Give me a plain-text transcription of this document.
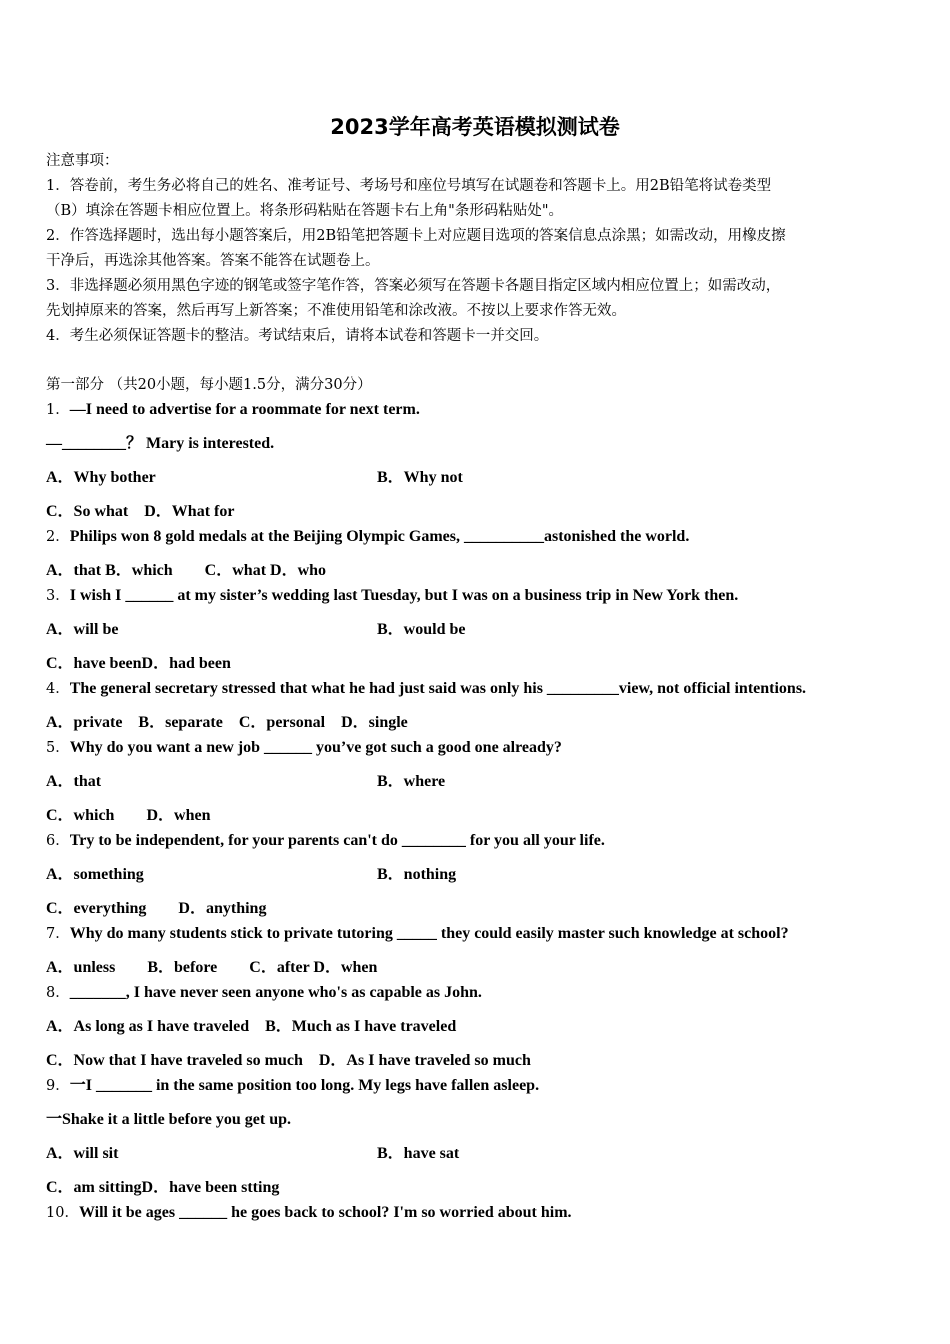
2023学年高考英语模拟测试卷
注意事项：
1．答卷前，考生务必将自己的姓名、准考证号、考场号和座位号填写在试题卷和答题卡上。用2B铅笔将试卷类型
（B）填涂在答题卡相应位置上。将条形码粘贴在答题卡右上角"条形码粘贴处"。
2．作答选择题时，选出每小题答案后，用2B铅笔把答题卡上对应题目选项的答案信息点涂黑；如需改动，用橡皮擦
干净后，再选涂其他答案。答案不能答在试题卷上。
3．非选择题必须用黑色字迹的钢笔或签字笔作答，答案必须写在答题卡各题目指定区域内相应位置上；如需改动，
先划掉原来的答案，然后再写上新答案；不准使用铅笔和涂改液。不按以上要求作答无效。
4．考生必须保证答题卡的整洁。考试结束后，请将本试卷和答题卡一并交回。
第一部分 （共20小题，每小题1.5分，满分30分）
1．—I need to advertise for a roommate for next term.
—________？ Mary is interested.
A．Why bother	B．Why not
C．So what　D．What for
2．Philips won 8 gold medals at the Beijing Olympic Games, __________astonished the world.
A．that B．which　　C．what D．who
3．I wish I ______ at my sister’s wedding last Tuesday, but I was on a business trip in New York then.
A．will be	B．would be
C．have beenD．had been
4．The general secretary stressed that what he had just said was only his _________view, not official intentions.
A．private　B．separate　C．personal　D．single
5．Why do you want a new job ______ you’ve got such a good one already?
A．that	B．where
C．which　　D．when
6．Try to be independent, for your parents can't do ________ for you all your life.
A．something	B．nothing
C．everything　　D．anything
7．Why do many students stick to private tutoring _____ they could easily master such knowledge at school?
A．unless　　B．before　　C．after D．when
8．_______, I have never seen anyone who's as capable as John.
A．As long as I have traveled　B．Much as I have traveled
C．Now that I have traveled so much　D．As I have traveled so much
9．一I _______ in the same position too long. My legs have fallen asleep.
一Shake it a little before you get up.
A．will sit	B．have sat
C．am sittingD．have been stting
10．Will it be ages ______ he goes back to school? I'm so worried about him.
